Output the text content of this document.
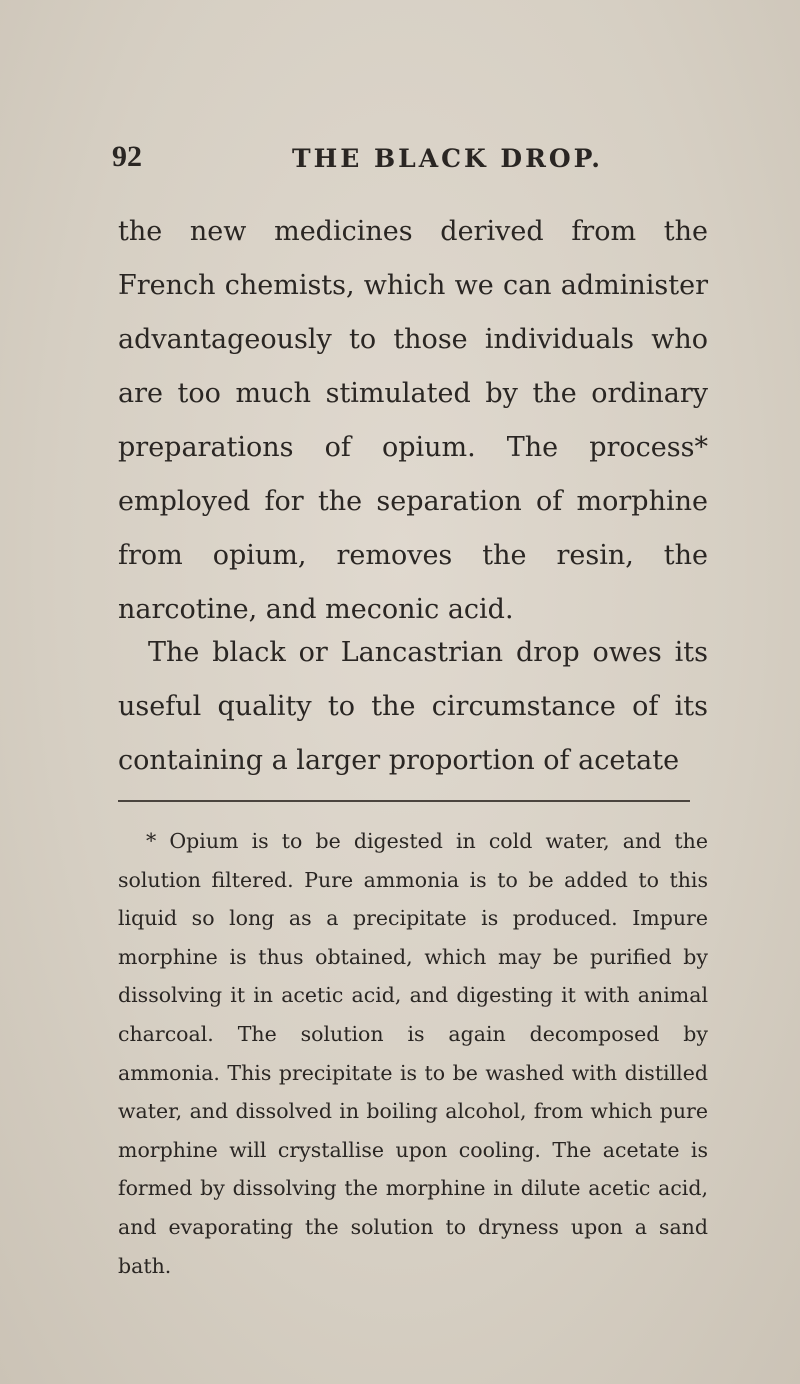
92	THE BLACK DROP.

the new medicines derived from the French chemists, which we can administer advantageously to those individuals who are too much stimulated by the ordinary preparations of opium. The process* employed for the separation of morphine from opium, removes the resin, the narcotine, and meconic acid.

The black or Lancastrian drop owes its useful quality to the circumstance of its containing a larger proportion of acetate

* Opium is to be digested in cold water, and the solution filtered. Pure ammonia is to be added to this liquid so long as a precipitate is produced. Impure morphine is thus obtained, which may be purified by dissolving it in acetic acid, and digesting it with animal charcoal. The solution is again decomposed by ammonia. This precipitate is to be washed with distilled water, and dissolved in boiling alcohol, from which pure morphine will crystallise upon cooling. The acetate is formed by dissolving the morphine in dilute acetic acid, and evaporating the solution to dryness upon a sand bath.
